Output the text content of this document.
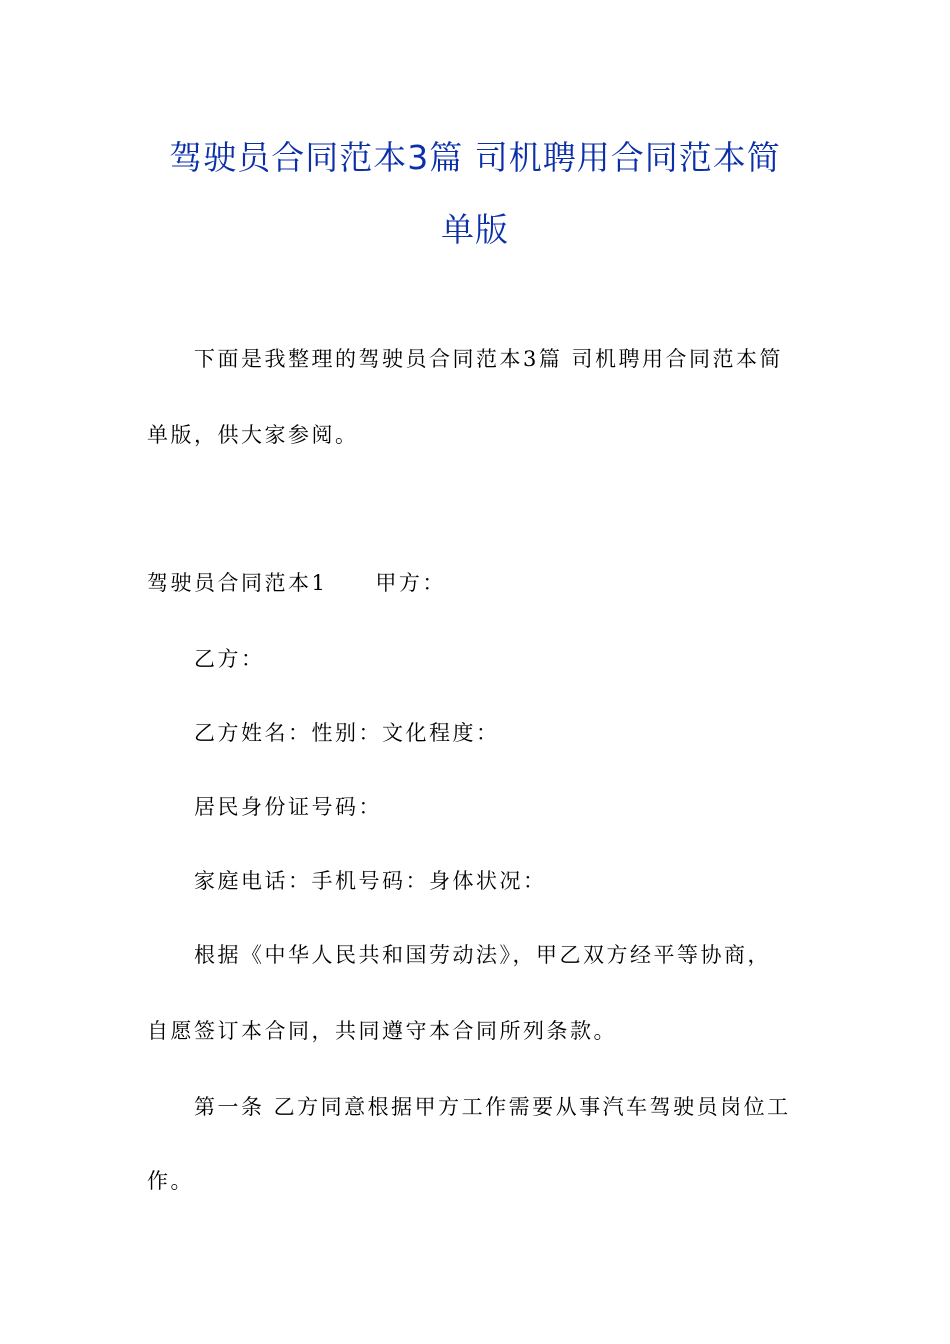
驾驶员合同范本3篇 司机聘用合同范本简
单版
下面是我整理的驾驶员合同范本3篇 司机聘用合同范本简
单版，供大家参阅。
驾驶员合同范本1 甲方：
乙方：
乙方姓名：性别：文化程度：
居民身份证号码：
家庭电话：手机号码：身体状况：
根据《中华人民共和国劳动法》，甲乙双方经平等协商，
自愿签订本合同，共同遵守本合同所列条款。
第一条 乙方同意根据甲方工作需要从事汽车驾驶员岗位工
作。
